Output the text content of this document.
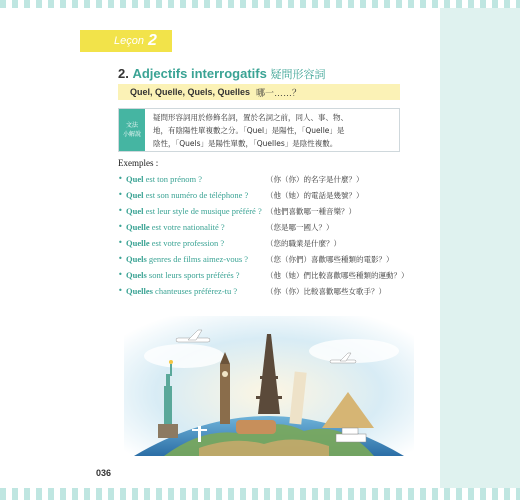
Leçon 2
2. Adjectifs interrogatifs 疑問形容詞
Quel, Quelle, Quels, Quelles 哪一……？
文法
小解說
疑問形容詞用於修飾名詞，置於名詞之前，同人、事、物、
地，有陰陽性單複數之分。「Quel」是陽性，「Quelle」是
陰性，「Quels」是陽性單數，「Quelles」是陰性複數。
Exemples :
• Quel est ton prénom ?	（你（你）的名字是什麼？）
• Quel est son numéro de téléphone ? （他（她）的電話是幾號？）
• Quel est leur style de musique préféré ? （他們喜歡哪一種音樂？）
• Quelle est votre nationalité ?	（您是哪一國人？）
• Quelle est votre profession ?	（您的職業是什麼？）
• Quels genres de films aimez-vous ? （您（你們）喜歡哪些種類的電影？）
• Quels sont leurs sports préférés ?	（他（她）們比較喜歡哪些種類的運動？）
• Quelles chanteuses préférez-tu ?	（你（你）比較喜歡哪些女歌手？）
036
